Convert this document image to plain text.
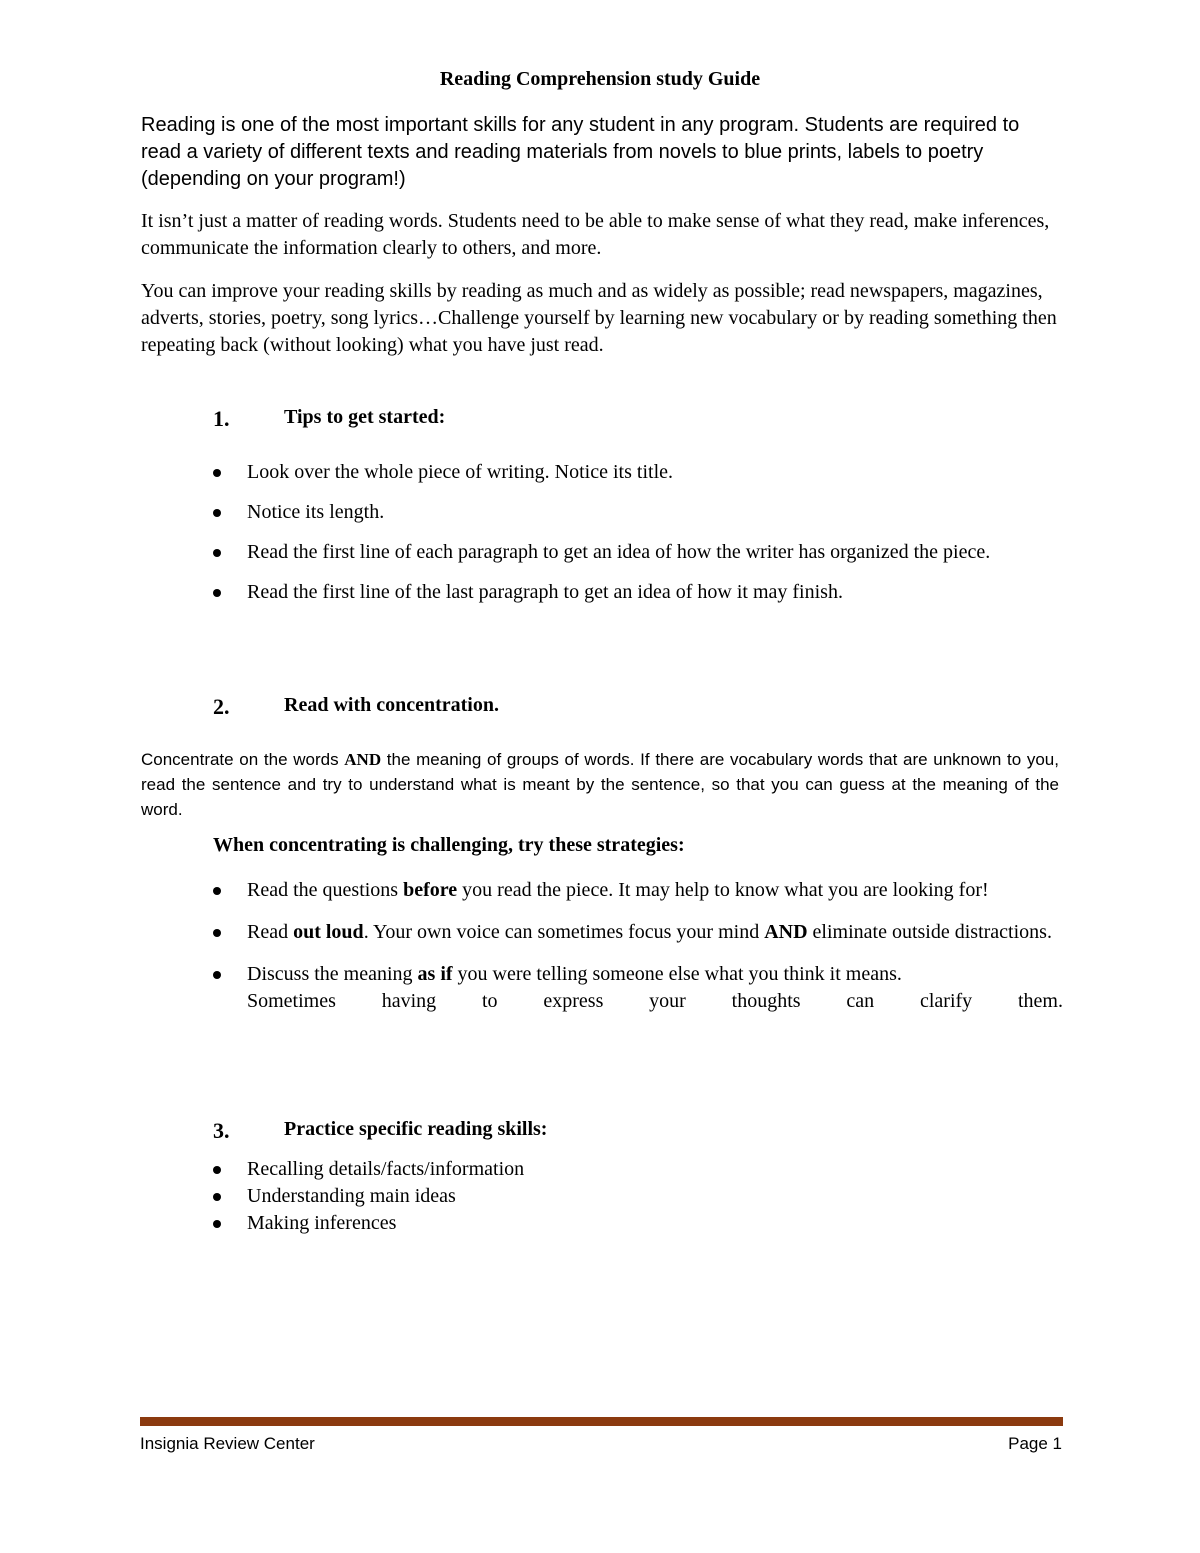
Reading Comprehension study Guide
Reading is one of the most important skills for any student in any program. Students are required to read a variety of different texts and reading materials from novels to blue prints, labels to poetry (depending on your program!)
It isn’t just a matter of reading words. Students need to be able to make sense of what they read, make inferences, communicate the information clearly to others, and more.
You can improve your reading skills by reading as much and as widely as possible; read newspapers, magazines, adverts, stories, poetry, song lyrics…Challenge yourself by learning new vocabulary or by reading something then repeating back (without looking) what you have just read.
1.	Tips to get started:
Look over the whole piece of writing. Notice its title.
Notice its length.
Read the first line of each paragraph to get an idea of how the writer has organized the piece.
Read the first line of the last paragraph to get an idea of how it may finish.
2.	Read with concentration.
Concentrate on the words AND the meaning of groups of words. If there are vocabulary words that are unknown to you, read the sentence and try to understand what is meant by the sentence, so that you can guess at the meaning of the word.
When concentrating is challenging, try these strategies:
Read the questions before you read the piece. It may help to know what you are looking for!
Read out loud. Your own voice can sometimes focus your mind AND eliminate outside distractions.
Discuss the meaning as if you were telling someone else what you think it means.
Sometimes having to express your thoughts can clarify them.
3.	Practice specific reading skills:
Recalling details/facts/information
Understanding main ideas
Making inferences
Insignia Review Center	Page 1
